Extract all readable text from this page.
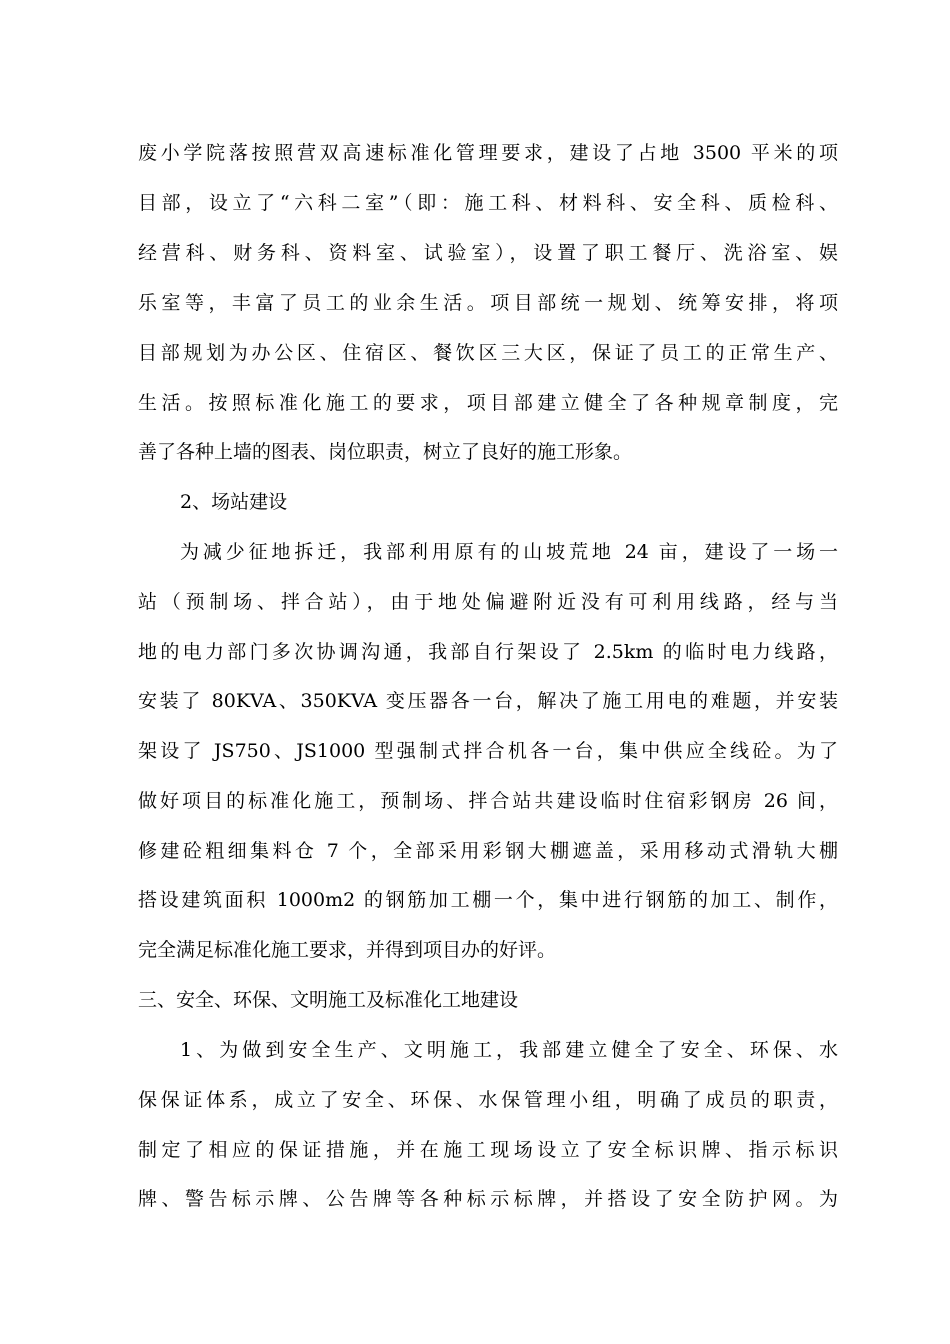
废小学院落按照营双高速标准化管理要求，建设了占地 3500 平米的项
目部，设立了“六科二室”（即：施工科、材料科、安全科、质检科、
经营科、财务科、资料室、试验室），设置了职工餐厅、洗浴室、娱
乐室等，丰富了员工的业余生活。项目部统一规划、统筹安排，将项
目部规划为办公区、住宿区、餐饮区三大区，保证了员工的正常生产、
生活。按照标准化施工的要求，项目部建立健全了各种规章制度，完
善了各种上墙的图表、岗位职责，树立了良好的施工形象。
2、场站建设
为减少征地拆迁，我部利用原有的山坡荒地 24 亩，建设了一场一
站（预制场、拌合站），由于地处偏避附近没有可利用线路，经与当
地的电力部门多次协调沟通，我部自行架设了 2.5km 的临时电力线路，
安装了 80KVA、350KVA 变压器各一台，解决了施工用电的难题，并安装
架设了 JS750、JS1000 型强制式拌合机各一台，集中供应全线砼。为了
做好项目的标准化施工，预制场、拌合站共建设临时住宿彩钢房 26 间，
修建砼粗细集料仓 7 个，全部采用彩钢大棚遮盖，采用移动式滑轨大棚
搭设建筑面积 1000m2 的钢筋加工棚一个，集中进行钢筋的加工、制作，
完全满足标准化施工要求，并得到项目办的好评。
三、安全、环保、文明施工及标准化工地建设
1、为做到安全生产、文明施工，我部建立健全了安全、环保、水
保保证体系，成立了安全、环保、水保管理小组，明确了成员的职责，
制定了相应的保证措施，并在施工现场设立了安全标识牌、指示标识
牌、警告标示牌、公告牌等各种标示标牌，并搭设了安全防护网。为
